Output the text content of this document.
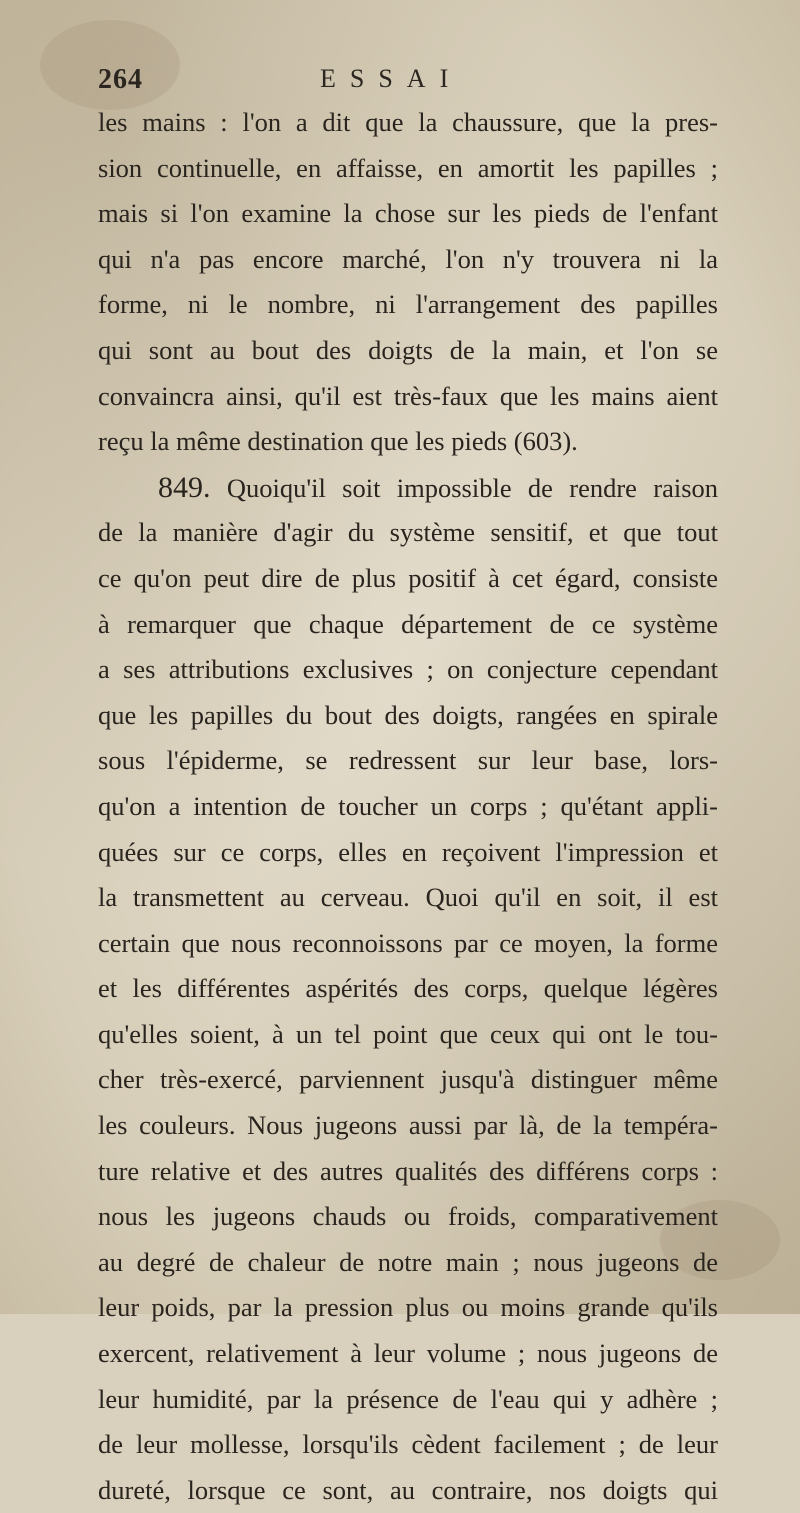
264	ESSAI
les mains : l'on a dit que la chaussure, que la pres-
sion continuelle, en affaisse, en amortit les papilles ;
mais si l'on examine la chose sur les pieds de l'enfant
qui n'a pas encore marché, l'on n'y trouvera ni la
forme, ni le nombre, ni l'arrangement des papilles
qui sont au bout des doigts de la main, et l'on se
convaincra ainsi, qu'il est très-faux que les mains aient
reçu la même destination que les pieds (603).
849. Quoiqu'il soit impossible de rendre raison
de la manière d'agir du système sensitif, et que tout
ce qu'on peut dire de plus positif à cet égard, consiste
à remarquer que chaque département de ce système
a ses attributions exclusives ; on conjecture cependant
que les papilles du bout des doigts, rangées en spirale
sous l'épiderme, se redressent sur leur base, lors-
qu'on a intention de toucher un corps ; qu'étant appli-
quées sur ce corps, elles en reçoivent l'impression et
la transmettent au cerveau. Quoi qu'il en soit, il est
certain que nous reconnoissons par ce moyen, la forme
et les différentes aspérités des corps, quelque légères
qu'elles soient, à un tel point que ceux qui ont le tou-
cher très-exercé, parviennent jusqu'à distinguer même
les couleurs. Nous jugeons aussi par là, de la tempéra-
ture relative et des autres qualités des différens corps :
nous les jugeons chauds ou froids, comparativement
au degré de chaleur de notre main ; nous jugeons de
leur poids, par la pression plus ou moins grande qu'ils
exercent, relativement à leur volume ; nous jugeons de
leur humidité, par la présence de l'eau qui y adhère ;
de leur mollesse, lorsqu'ils cèdent facilement ; de leur
dureté, lorsque ce sont, au contraire, nos doigts qui
